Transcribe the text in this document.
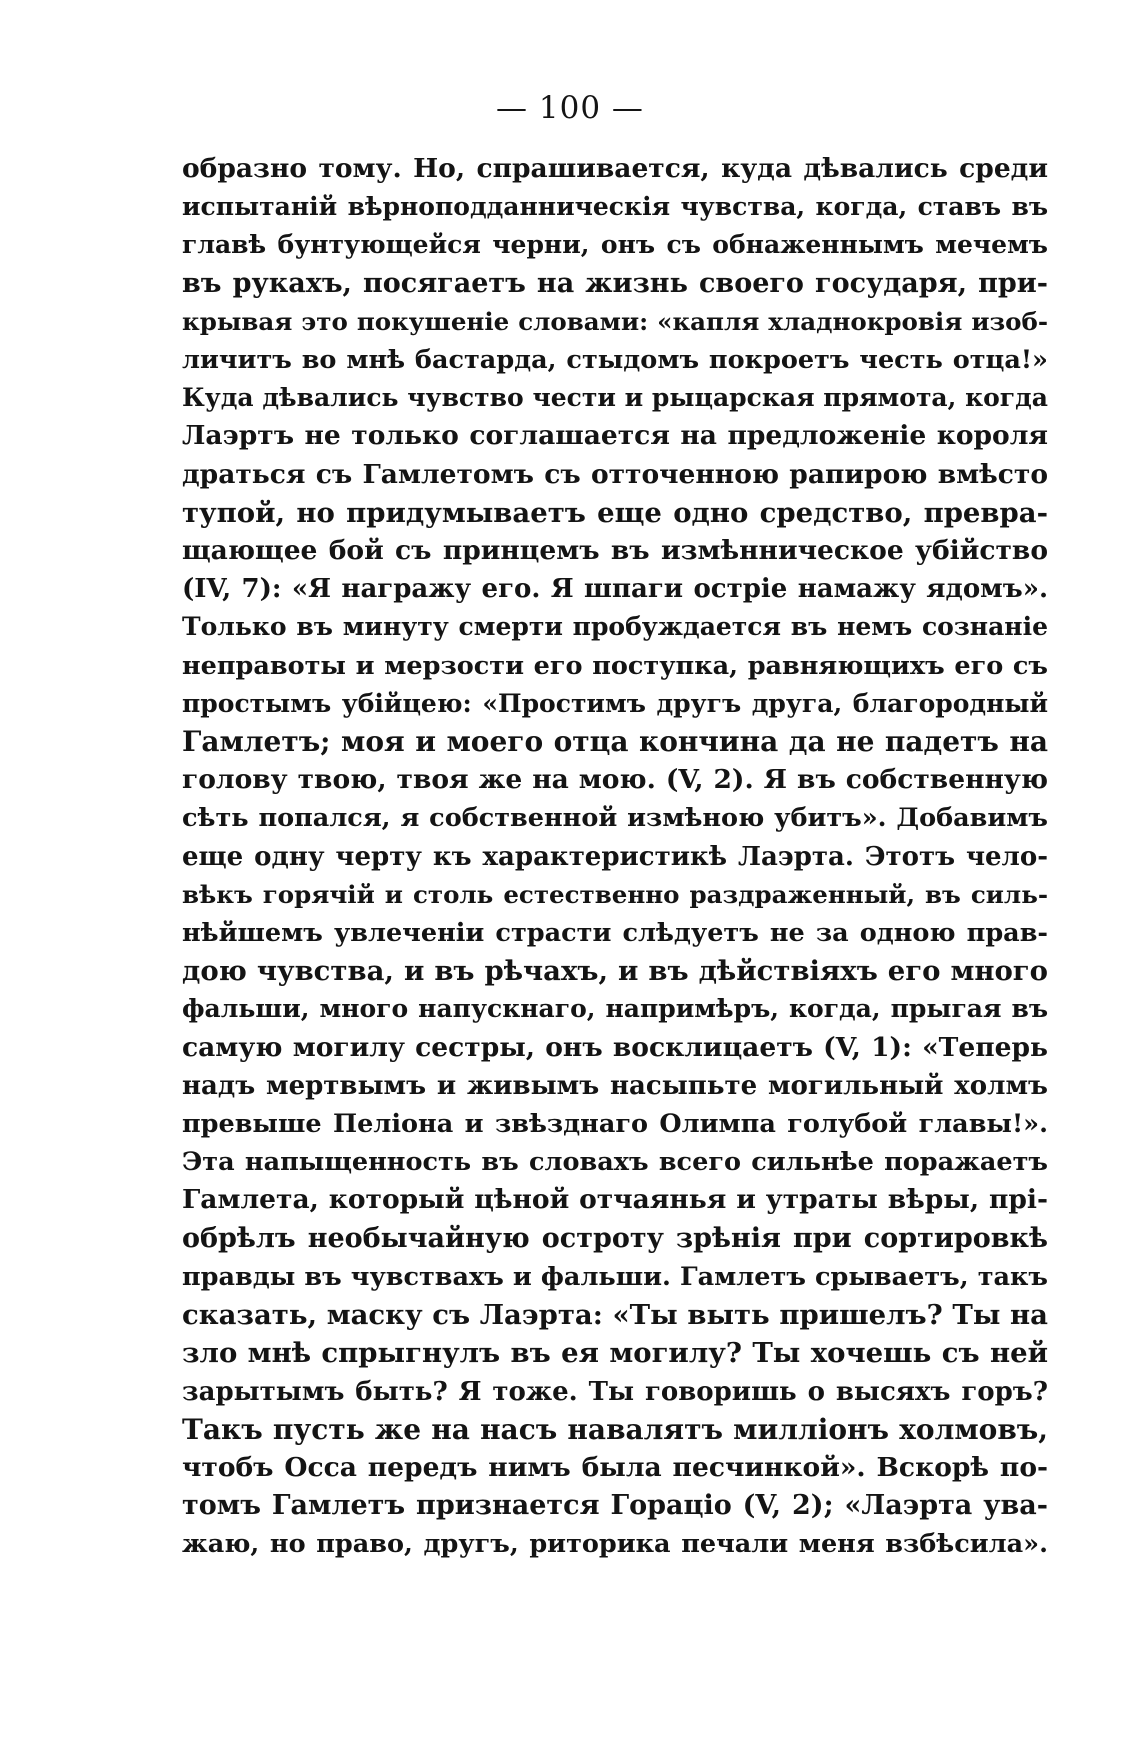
— 100 —
образно тому. Но, спрашивается, куда дѣвались среди
испытаній вѣрноподданническія чувства, когда, ставъ въ
главѣ бунтующейся черни, онъ съ обнаженнымъ мечемъ
въ рукахъ, посягаетъ на жизнь своего государя, при-
крывая это покушеніе словами: «капля хладнокровія изоб-
личитъ во мнѣ бастарда, стыдомъ покроетъ честь отца!»
Куда дѣвались чувство чести и рыцарская прямота, когда
Лаэртъ не только соглашается на предложеніе короля
драться съ Гамлетомъ съ отточенною рапирою вмѣсто
тупой, но придумываетъ еще одно средство, превра-
щающее бой съ принцемъ въ измѣнническое убійство
(IV, 7): «Я награжу его. Я шпаги остріе намажу ядомъ».
Только въ минуту смерти пробуждается въ немъ сознаніе
неправоты и мерзости его поступка, равняющихъ его съ
простымъ убійцею: «Простимъ другъ друга, благородный
Гамлетъ; моя и моего отца кончина да не падетъ на
голову твою, твоя же на мою. (V, 2). Я въ собственную
сѣть попался, я собственной измѣною убитъ». Добавимъ
еще одну черту къ характеристикѣ Лаэрта. Этотъ чело-
вѣкъ горячій и столь естественно раздраженный, въ силь-
нѣйшемъ увлеченіи страсти слѣдуетъ не за одною прав-
дою чувства, и въ рѣчахъ, и въ дѣйствіяхъ его много
фальши, много напускнаго, напримѣръ, когда, прыгая въ
самую могилу сестры, онъ восклицаетъ (V, 1): «Теперь
надъ мертвымъ и живымъ насыпьте могильный холмъ
превыше Пеліона и звѣзднаго Олимпа голубой главы!».
Эта напыщенность въ словахъ всего сильнѣе поражаетъ
Гамлета, который цѣной отчаянья и утраты вѣры, прі-
обрѣлъ необычайную остроту зрѣнія при сортировкѣ
правды въ чувствахъ и фальши. Гамлетъ срываетъ, такъ
сказать, маску съ Лаэрта: «Ты выть пришелъ? Ты на
зло мнѣ спрыгнулъ въ ея могилу? Ты хочешь съ ней
зарытымъ быть? Я тоже. Ты говоришь о высяхъ горъ?
Такъ пусть же на насъ навалятъ милліонъ холмовъ,
чтобъ Осса передъ нимъ была песчинкой». Вскорѣ по-
томъ Гамлетъ признается Гораціо (V, 2); «Лаэрта ува-
жаю, но право, другъ, риторика печали меня взбѣсила».
